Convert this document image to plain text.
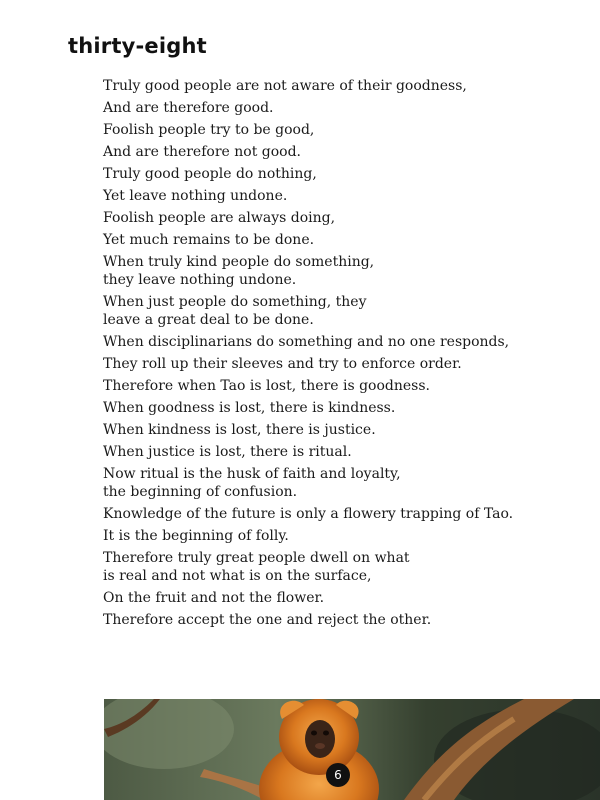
thirty-eight

Truly good people are not aware of their goodness,

And are therefore good.

Foolish people try to be good,

And are therefore not good.

Truly good people do nothing,

Yet leave nothing undone.

Foolish people are always doing,

Yet much remains to be done.

When truly kind people do something,
they leave nothing undone.

When just people do something, they
leave a great deal to be done.

When disciplinarians do something and no one responds,

They roll up their sleeves and try to enforce order.

Therefore when Tao is lost, there is goodness.

When goodness is lost, there is kindness.

When kindness is lost, there is justice.

When justice is lost, there is ritual.

Now ritual is the husk of faith and loyalty,
the beginning of confusion.

Knowledge of the future is only a flowery trapping of Tao.

It is the beginning of folly.

Therefore truly great people dwell on what
is real and not what is on the surface,

On the fruit and not the flower.

Therefore accept the one and reject the other.

6
